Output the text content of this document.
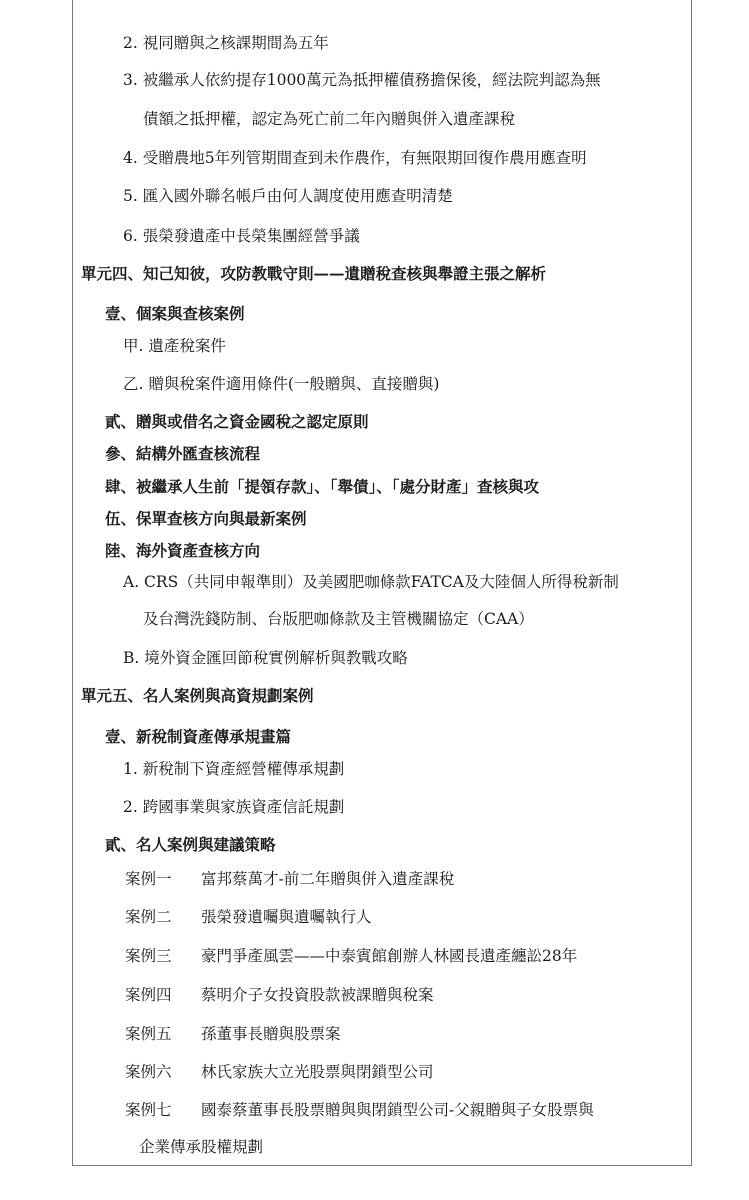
2. 視同贈與之核課期間為五年
3. 被繼承人依約提存1000萬元為抵押權債務擔保後，經法院判認為無
債額之抵押權，認定為死亡前二年內贈與併入遺產課稅
4. 受贈農地5年列管期間查到未作農作，有無限期回復作農用應查明
5. 匯入國外聯名帳戶由何人調度使用應查明清楚
6. 張榮發遺產中長榮集團經營爭議
單元四、知己知彼，攻防教戰守則——遺贈稅查核與舉證主張之解析
壹、個案與查核案例
甲. 遺產稅案件
乙. 贈與稅案件適用條件(一般贈與、直接贈與)
貳、贈與或借名之資金國稅之認定原則
參、結構外匯查核流程
肆、被繼承人生前「提領存款」、「舉債」、「處分財產」查核與攻
伍、保單查核方向與最新案例
陸、海外資產查核方向
A. CRS（共同申報準則）及美國肥咖條款FATCA及大陸個人所得稅新制
及台灣洗錢防制、台版肥咖條款及主管機關協定（CAA）
B. 境外資金匯回節稅實例解析與教戰攻略
單元五、名人案例與高資規劃案例
壹、新稅制資產傳承規畫篇
1. 新稅制下資產經營權傳承規劃
2. 跨國事業與家族資產信託規劃
貳、名人案例與建議策略
案例一 富邦蔡萬才-前二年贈與併入遺產課稅
案例二 張榮發遺囑與遺囑執行人
案例三 豪門爭產風雲——中泰賓館創辦人林國長遺產纏訟28年
案例四 蔡明介子女投資股款被課贈與稅案
案例五 孫董事長贈與股票案
案例六 林氏家族大立光股票與閉鎖型公司
案例七 國泰蔡董事長股票贈與與閉鎖型公司-父親贈與子女股票與
企業傳承股權規劃
